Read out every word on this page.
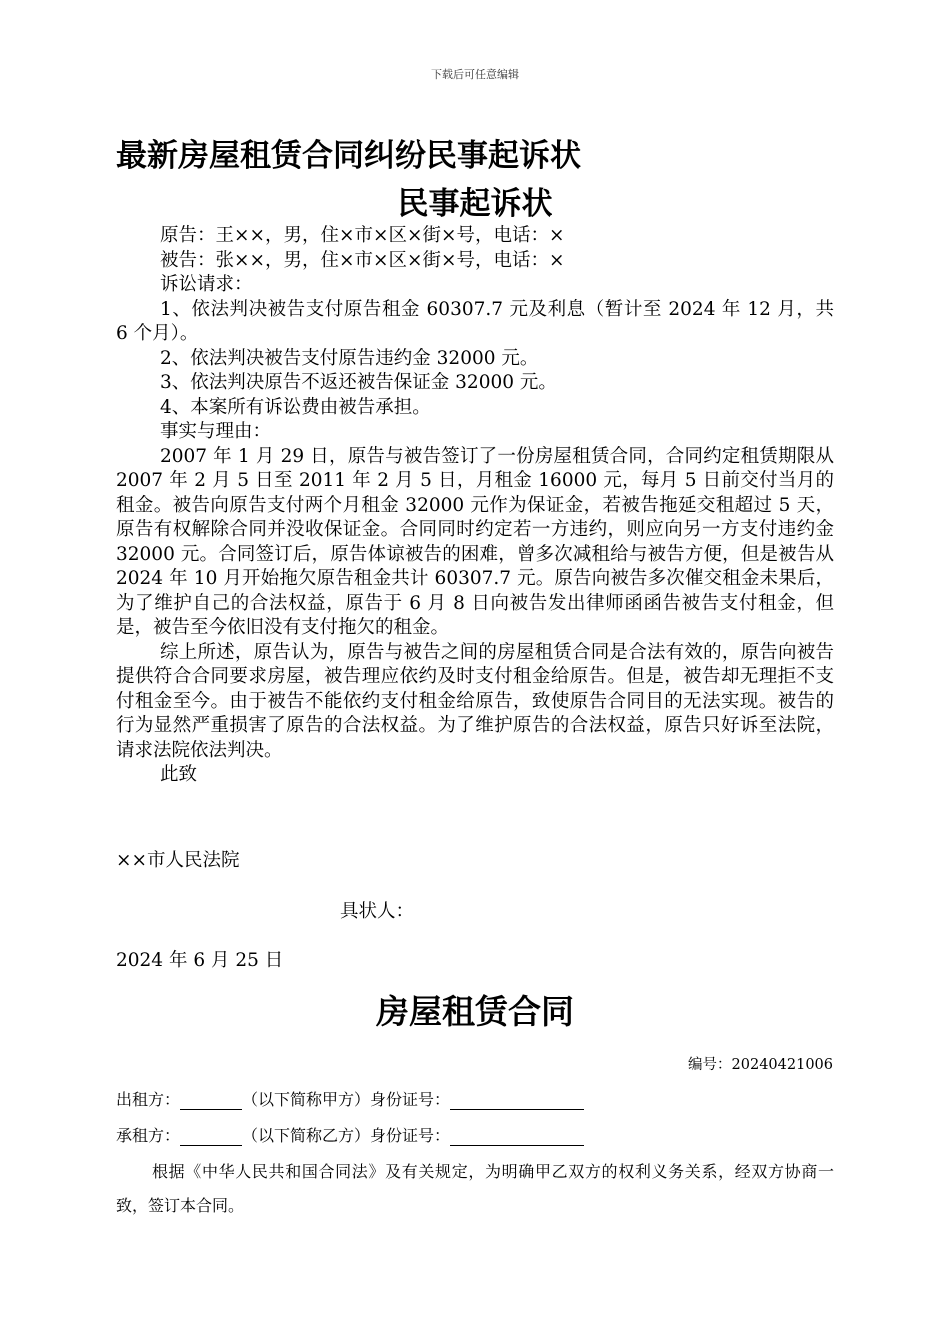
下载后可任意编辑
最新房屋租赁合同纠纷民事起诉状
民事起诉状

原告：王××，男，住×市×区×街×号，电话：×

被告：张××，男，住×市×区×街×号，电话：×

诉讼请求：

1、依法判决被告支付原告租金 60307.7 元及利息（暂计至 2024 年 12 月，共 6 个月）。

2、依法判决被告支付原告违约金 32000 元。

3、依法判决原告不返还被告保证金 32000 元。

4、本案所有诉讼费由被告承担。

事实与理由：

2007 年 1 月 29 日，原告与被告签订了一份房屋租赁合同，合同约定租赁期限从 2007 年 2 月 5 日至 2011 年 2 月 5 日，月租金 16000 元，每月 5 日前交付当月的租金。被告向原告支付两个月租金 32000 元作为保证金，若被告拖延交租超过 5 天，原告有权解除合同并没收保证金。合同同时约定若一方违约，则应向另一方支付违约金 32000 元。合同签订后，原告体谅被告的困难，曾多次减租给与被告方便，但是被告从 2024 年 10 月开始拖欠原告租金共计 60307.7 元。原告向被告多次催交租金未果后，为了维护自己的合法权益，原告于 6 月 8 日向被告发出律师函函告被告支付租金，但是，被告至今依旧没有支付拖欠的租金。

综上所述，原告认为，原告与被告之间的房屋租赁合同是合法有效的，原告向被告提供符合合同要求房屋，被告理应依约及时支付租金给原告。但是，被告却无理拒不支付租金至今。由于被告不能依约支付租金给原告，致使原告合同目的无法实现。被告的行为显然严重损害了原告的合法权益。为了维护原告的合法权益，原告只好诉至法院，请求法院依法判决。

此致

××市人民法院
具状人：
2024 年 6 月 25 日
房屋租赁合同
编号：20240421006
出租方：	（以下简称甲方）身份证号：
承租方：	（以下简称乙方）身份证号：

根据《中华人民共和国合同法》及有关规定，为明确甲乙双方的权利义务关系，经双方协商一致，签订本合同。
